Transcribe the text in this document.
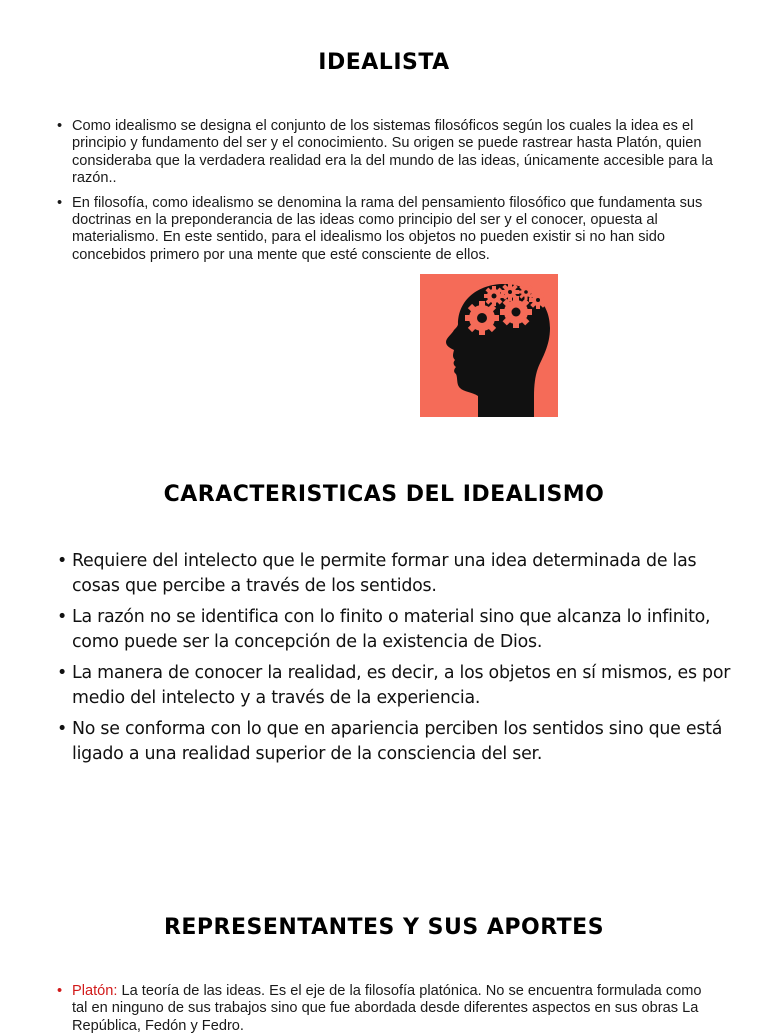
IDEALISTA
• Como idealismo se designa el conjunto de los sistemas filosóficos según los cuales la idea es el principio y fundamento del ser y el conocimiento. Su origen se puede rastrear hasta Platón, quien consideraba que la verdadera realidad era la del mundo de las ideas, únicamente accesible para la razón..
• En filosofía, como idealismo se denomina la rama del pensamiento filosófico que fundamenta sus doctrinas en la preponderancia de las ideas como principio del ser y el conocer, opuesta al materialismo. En este sentido, para el idealismo los objetos no pueden existir si no han sido concebidos primero por una mente que esté consciente de ellos.
CARACTERISTICAS DEL IDEALISMO
• Requiere del intelecto que le permite formar una idea determinada de las cosas que percibe a través de los sentidos.
• La razón no se identifica con lo finito o material sino que alcanza lo infinito, como puede ser la concepción de la existencia de Dios.
• La manera de conocer la realidad, es decir, a los objetos en sí mismos, es por medio del intelecto y a través de la experiencia.
• No se conforma con lo que en apariencia perciben los sentidos sino que está ligado a una realidad superior de la consciencia del ser.
REPRESENTANTES Y SUS APORTES
• Platón: La teoría de las ideas. Es el eje de la filosofía platónica. No se encuentra formulada como tal en ninguno de sus trabajos sino que fue abordada desde diferentes aspectos en sus obras La República, Fedón y Fedro.
